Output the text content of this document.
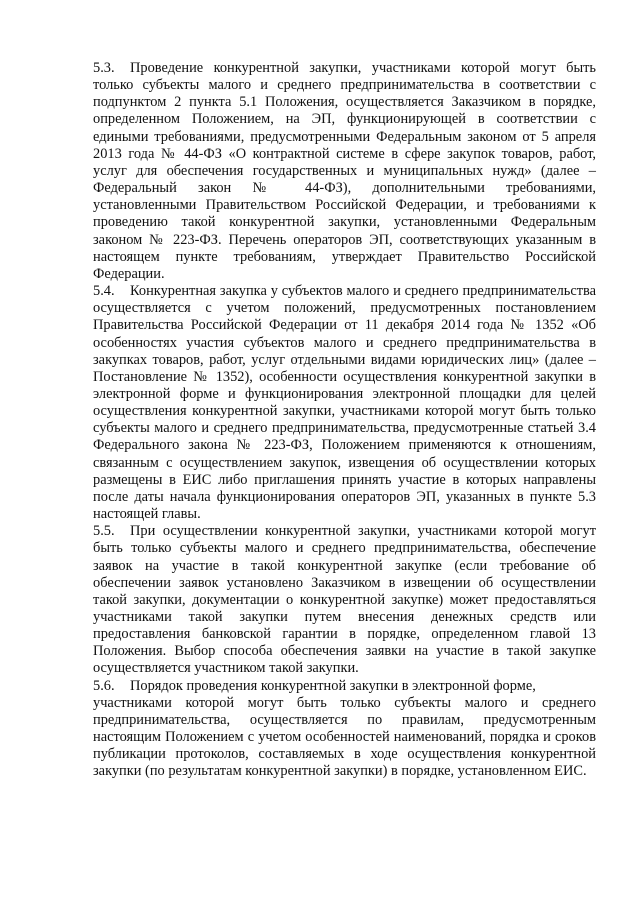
5.3. Проведение конкурентной закупки, участниками которой могут быть только субъекты малого и среднего предпринимательства в соответствии с подпунктом 2 пункта 5.1 Положения, осуществляется Заказчиком в порядке, определенном Положением, на ЭП, функционирующей в соответствии с едиными требованиями, предусмотренными Федеральным законом от 5 апреля 2013 года № 44-ФЗ «О контрактной системе в сфере закупок товаров, работ, услуг для обеспечения государственных и муниципальных нужд» (далее – Федеральный закон № 44-ФЗ), дополнительными требованиями, установленными Правительством Российской Федерации, и требованиями к проведению такой конкурентной закупки, установленными Федеральным законом № 223-ФЗ. Перечень операторов ЭП, соответствующих указанным в настоящем пункте требованиям, утверждает Правительство Российской Федерации.

5.4. Конкурентная закупка у субъектов малого и среднего предпринимательства осуществляется с учетом положений, предусмотренных постановлением Правительства Российской Федерации от 11 декабря 2014 года № 1352 «Об особенностях участия субъектов малого и среднего предпринимательства в закупках товаров, работ, услуг отдельными видами юридических лиц» (далее – Постановление № 1352), особенности осуществления конкурентной закупки в электронной форме и функционирования электронной площадки для целей осуществления конкурентной закупки, участниками которой могут быть только субъекты малого и среднего предпринимательства, предусмотренные статьей 3.4 Федерального закона № 223-ФЗ, Положением применяются к отношениям, связанным с осуществлением закупок, извещения об осуществлении которых размещены в ЕИС либо приглашения принять участие в которых направлены после даты начала функционирования операторов ЭП, указанных в пункте 5.3 настоящей главы.

5.5. При осуществлении конкурентной закупки, участниками которой могут быть только субъекты малого и среднего предпринимательства, обеспечение заявок на участие в такой конкурентной закупке (если требование об обеспечении заявок установлено Заказчиком в извещении об осуществлении такой закупки, документации о конкурентной закупке) может предоставляться участниками такой закупки путем внесения денежных средств или предоставления банковской гарантии в порядке, определенном главой 13 Положения. Выбор способа обеспечения заявки на участие в такой закупке осуществляется участником такой закупки.

5.6. Порядок проведения конкурентной закупки в электронной форме,
участниками которой могут быть только субъекты малого и среднего предпринимательства, осуществляется по правилам, предусмотренным настоящим Положением с учетом особенностей наименований, порядка и сроков публикации протоколов, составляемых в ходе осуществления конкурентной закупки (по результатам конкурентной закупки) в порядке, установленном ЕИС.
